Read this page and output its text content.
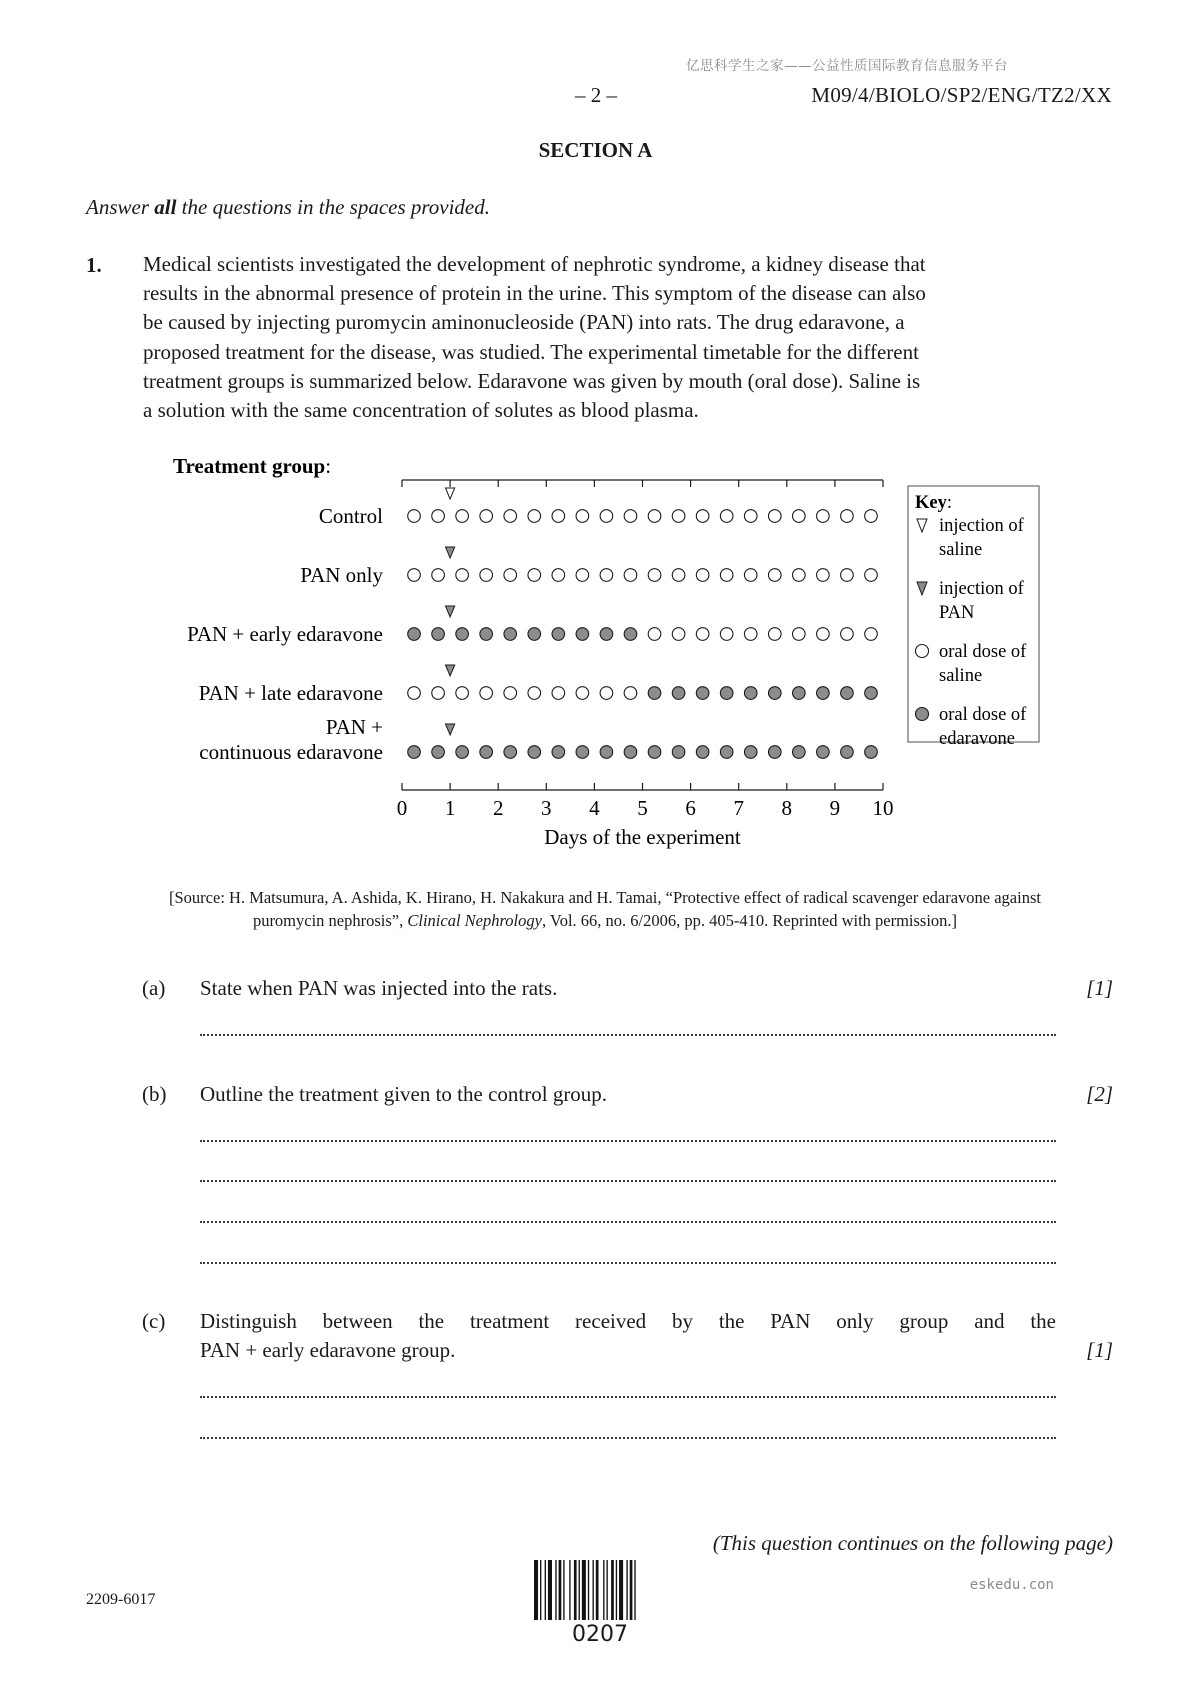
亿思科学生之家——公益性质国际教育信息服务平台
– 2 –	M09/4/BIOLO/SP2/ENG/TZ2/XX
SECTION A
Answer all the questions in the spaces provided.
1. Medical scientists investigated the development of nephrotic syndrome, a kidney disease that

results in the abnormal presence of protein in the urine. This symptom of the disease can also

be caused by injecting puromycin aminonucleoside (PAN) into rats. The drug edaravone, a

proposed treatment for the disease, was studied. The experimental timetable for the different

treatment groups is summarized below. Edaravone was given by mouth (oral dose). Saline is

a solution with the same concentration of solutes as blood plasma.

Treatment group:
0 1 2 3 4 5 6 7 8 9 10
Days of the experiment
Control
PAN only
PAN + early edaravone
PAN + late edaravone
PAN +
continuous edaravone
Key:
injection of
saline
injection of
PAN
oral dose of
saline
oral dose of
edaravone
[Source: H. Matsumura, A. Ashida, K. Hirano, H. Nakakura and H. Tamai, “Protective effect of radical scavenger edaravone against
puromycin nephrosis”, Clinical Nephrology, Vol. 66, no. 6/2006, pp. 405-410. Reprinted with permission.]
(a) State when PAN was injected into the rats.	[1]
(b) Outline the treatment given to the control group.	[2]
(c) Distinguish between the treatment received by the PAN only group and the
PAN + early edaravone group.	[1]
(This question continues on the following page)
2209-6017
eskedu.con
0207
